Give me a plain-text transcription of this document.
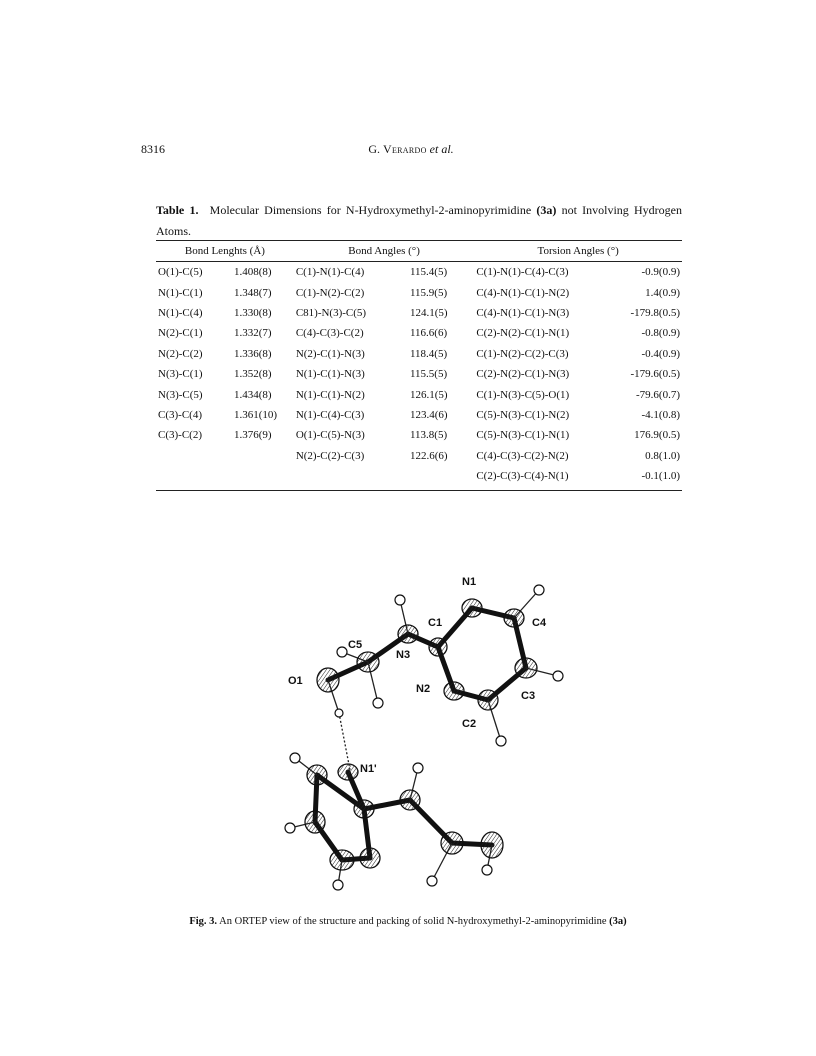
8316	G. Verardo et al.
Table 1. Molecular Dimensions for N-Hydroxymethyl-2-aminopyrimidine (3a) not Involving Hydrogen Atoms.
Bond Lenghts (Å)		Bond Angles (°)		Torsion Angles (°)	
O(1)-C(5)	1.408(8)	C(1)-N(1)-C(4)	115.4(5)	C(1)-N(1)-C(4)-C(3)	-0.9(0.9)
N(1)-C(1)	1.348(7)	C(1)-N(2)-C(2)	115.9(5)	C(4)-N(1)-C(1)-N(2)	1.4(0.9)
N(1)-C(4)	1.330(8)	C81)-N(3)-C(5)	124.1(5)	C(4)-N(1)-C(1)-N(3)	-179.8(0.5)
N(2)-C(1)	1.332(7)	C(4)-C(3)-C(2)	116.6(6)	C(2)-N(2)-C(1)-N(1)	-0.8(0.9)
N(2)-C(2)	1.336(8)	N(2)-C(1)-N(3)	118.4(5)	C(1)-N(2)-C(2)-C(3)	-0.4(0.9)
N(3)-C(1)	1.352(8)	N(1)-C(1)-N(3)	115.5(5)	C(2)-N(2)-C(1)-N(3)	-179.6(0.5)
N(3)-C(5)	1.434(8)	N(1)-C(1)-N(2)	126.1(5)	C(1)-N(3)-C(5)-O(1)	-79.6(0.7)
C(3)-C(4)	1.361(10)	N(1)-C(4)-C(3)	123.4(6)	C(5)-N(3)-C(1)-N(2)	-4.1(0.8)
C(3)-C(2)	1.376(9)	O(1)-C(5)-N(3)	113.8(5)	C(5)-N(3)-C(1)-N(1)	176.9(0.5)
		N(2)-C(2)-C(3)	122.6(6)	C(4)-C(3)-C(2)-N(2)	0.8(1.0)
				C(2)-C(3)-C(4)-N(1)	-0.1(1.0)
N1
C1	C4
C5
N3
O1
N2
C3
C2
N1'
Fig. 3. An ORTEP view of the structure and packing of solid N-hydroxymethyl-2-aminopyrimidine (3a)
